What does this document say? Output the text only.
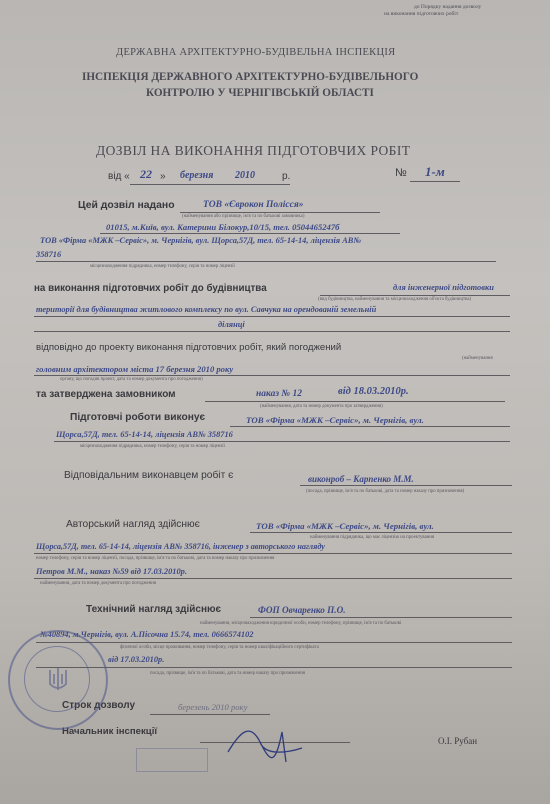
до Порядку надання дозволу
на виконання підготовчих робіт
ДЕРЖАВНА АРХІТЕКТУРНО-БУДІВЕЛЬНА ІНСПЕКЦІЯ
ІНСПЕКЦІЯ ДЕРЖАВНОГО АРХІТЕКТУРНО-БУДІВЕЛЬНОГО
КОНТРОЛЮ У ЧЕРНІГІВСЬКІЙ ОБЛАСТІ
ДОЗВІЛ НА ВИКОНАННЯ ПІДГОТОВЧИХ РОБІТ
від « 22 » березня 2010	р.	№ 1-м
Цей дозвіл надано	ТОВ «Єврокон Полісся»
(найменування або прізвище, ім'я та по батькові замовника)
01015, м.Київ, вул. Катерини Білокур,10/15, тел. 0504465247б
ТОВ «Фірма «МЖК –Сервіс», м. Чернігів, вул. Щорса,57Д, тел. 65-14-14, ліцензія АВ№
358716
місцезнаходження підрядника, номер телефону, серія та номер ліцензії
на виконання підготовчих робіт до будівництва	для інженерної підготовки
(вид будівництва, найменування та місцезнаходження об'єкта будівництва)
території для будівництва житлового комплексу по вул. Савчука на орендованій земельній
ділянці
відповідно до проекту виконання підготовчих робіт, який погоджений
(найменування
головним архітектором міста 17 березня 2010 року
органу, що погодив проект, дата та номер документа про погодження)
та затверджена замовником	наказ № 12	від 18.03.2010р.
(найменування, дата та номер документа про затвердження)
Підготовчі роботи виконує	ТОВ «Фірма «МЖК –Сервіс», м. Чернігів, вул.
Щорса,57Д, тел. 65-14-14, ліцензія АВ№ 358716
місцезнаходження підрядника, номер телефону, серія та номер ліцензії
Відповідальним виконавцем робіт є	виконроб – Карпенко М.М.
(посада, прізвище, ім'я та по батькові, дата та номер наказу про призначення)
Авторський нагляд здійснює	ТОВ «Фірма «МЖК –Сервіс», м. Чернігів, вул.
найменування підрядника, що має ліцензію на проектування
Щорса,57Д, тел. 65-14-14, ліцензія АВ№ 358716, інженер з авторського нагляду
номер телефону, серія та номер ліцензії, посада, прізвище, ім'я та по батькові, дата та номер наказу про призначення
Петров М.М., наказ №59 від 17.03.2010р.
найменування, дата та номер документа про погодження
Технічний нагляд здійснює	ФОП Овчаренко П.О.
найменування, місцезнаходження юридичної особи, номер телефону, прізвище, ім'я та по батькові
№40894, м.Чернігів, вул. А.Пісочна 15.74, тел. 0666574102
фізичної особи, місце проживання, номер телефону, серія та номер кваліфікаційного сертифіката
від 17.03.2010р.
посада, прізвище, ім'я та по батькові, дата та номер наказу про призначення
Строк дозволу	березень 2010 року
Начальник інспекції
О.І. Рубан
